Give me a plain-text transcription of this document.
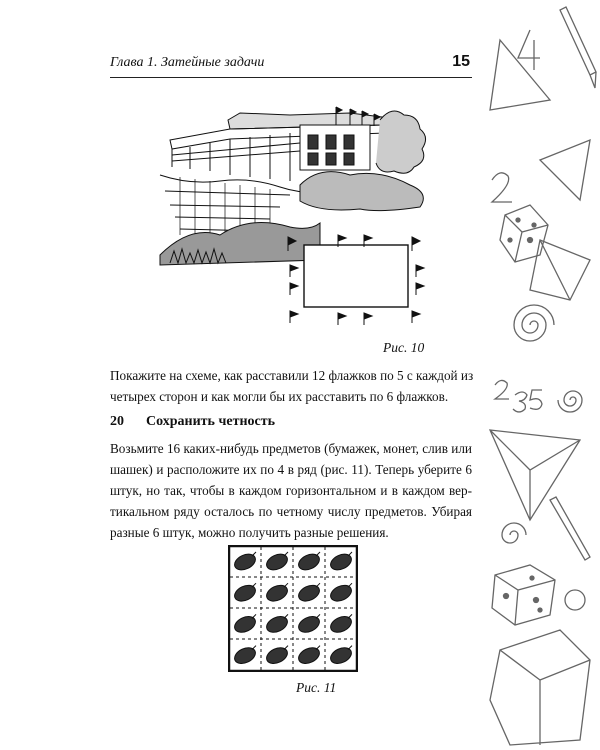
Глава 1. Затейные задачи	15
Рис. 10
Покажите на схеме, как расставили 12 флажков по 5 с каждой из
четырех сторон и как могли бы их расставить по 6 флажков.
20 Сохранить четность
Возьмите 16 каких-нибудь предметов (бумажек, монет, слив или
шашек) и расположите их по 4 в ряд (рис. 11). Теперь уберите 6
штук, но так, чтобы в каждом горизонтальном и в каждом вер-
тикальном ряду осталось по четному числу предметов. Убирая
разные 6 штук, можно получить разные решения.
Рис. 11
